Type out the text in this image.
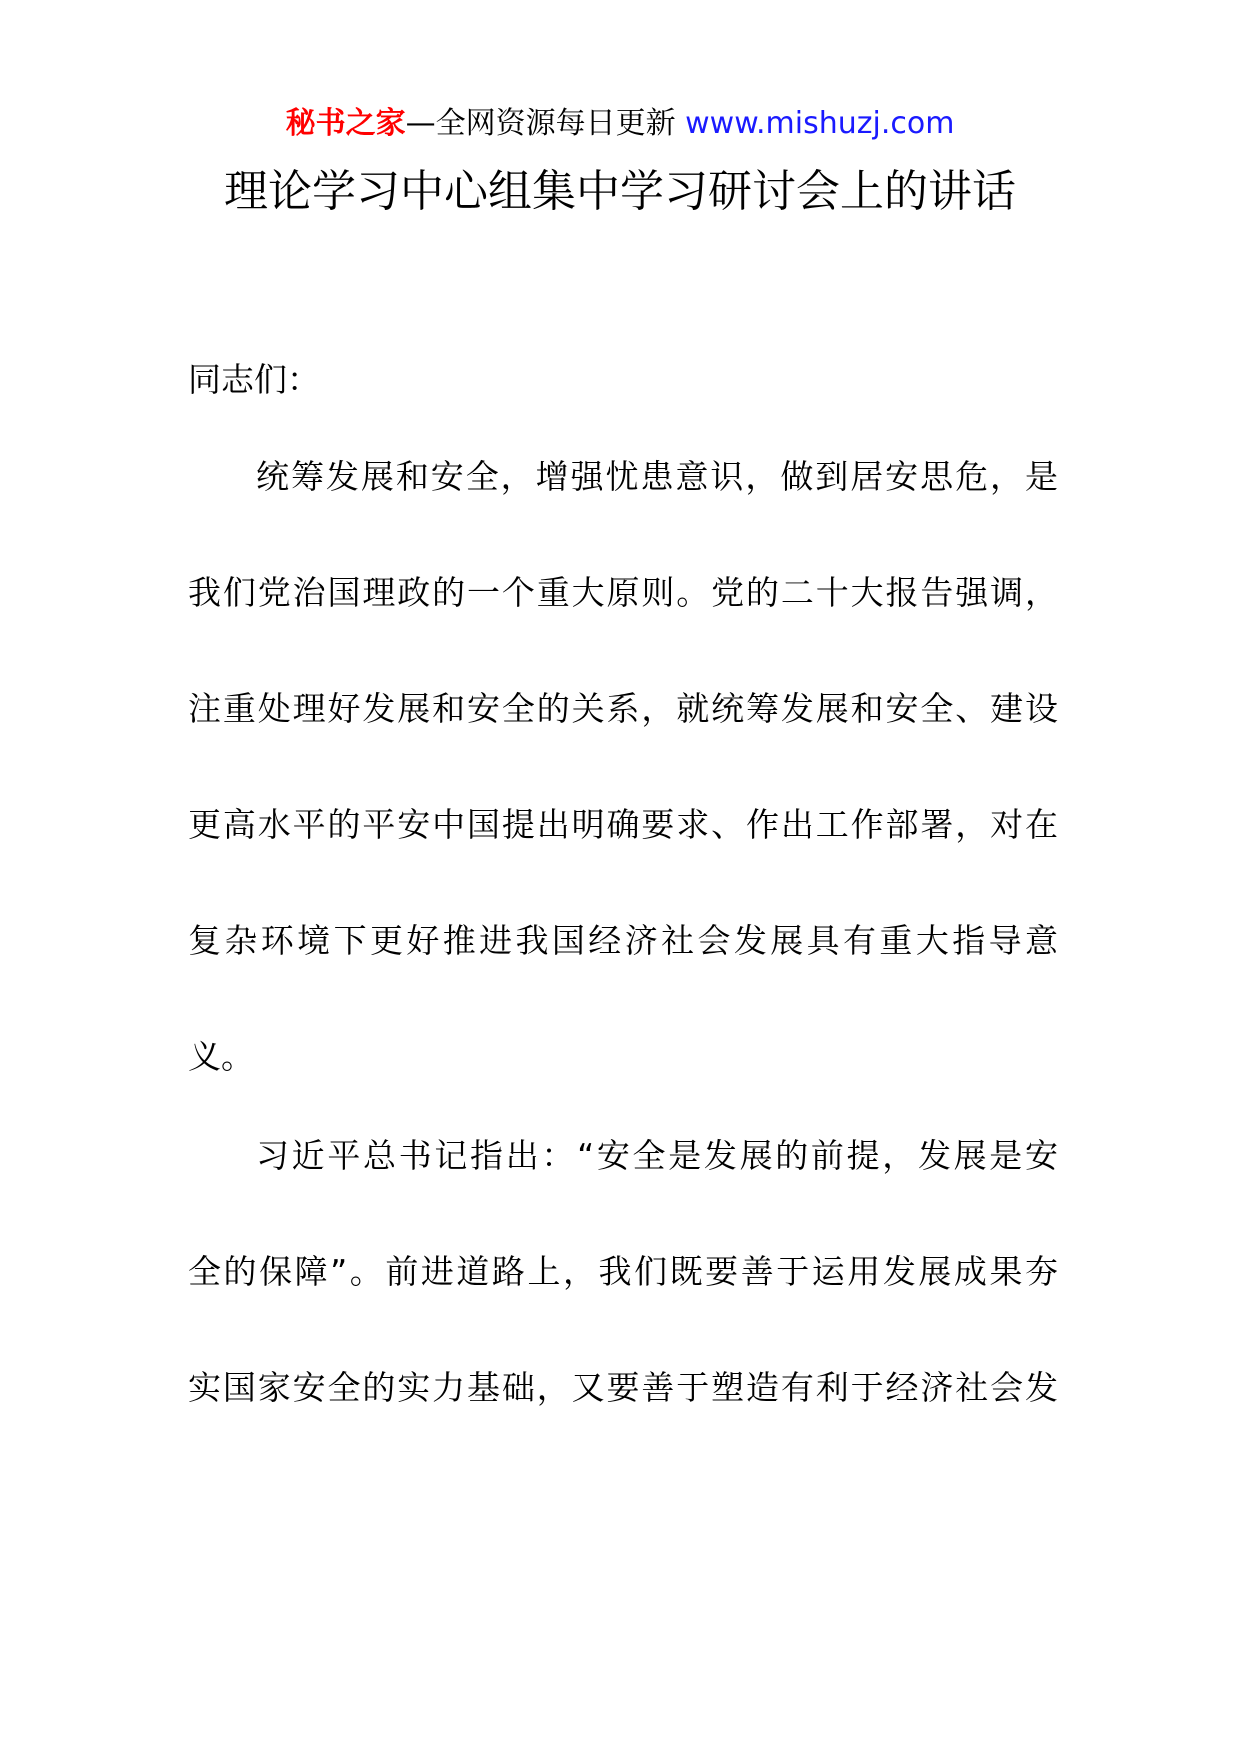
秘书之家—全网资源每日更新 www.mishuzj.com
理论学习中心组集中学习研讨会上的讲话
同志们：
统筹发展和安全，增强忧患意识，做到居安思危，是
我们党治国理政的一个重大原则。党的二十大报告强调，
注重处理好发展和安全的关系，就统筹发展和安全、建设
更高水平的平安中国提出明确要求、作出工作部署，对在
复杂环境下更好推进我国经济社会发展具有重大指导意
义。
习近平总书记指出：“安全是发展的前提，发展是安
全的保障”。前进道路上，我们既要善于运用发展成果夯
实国家安全的实力基础，又要善于塑造有利于经济社会发
